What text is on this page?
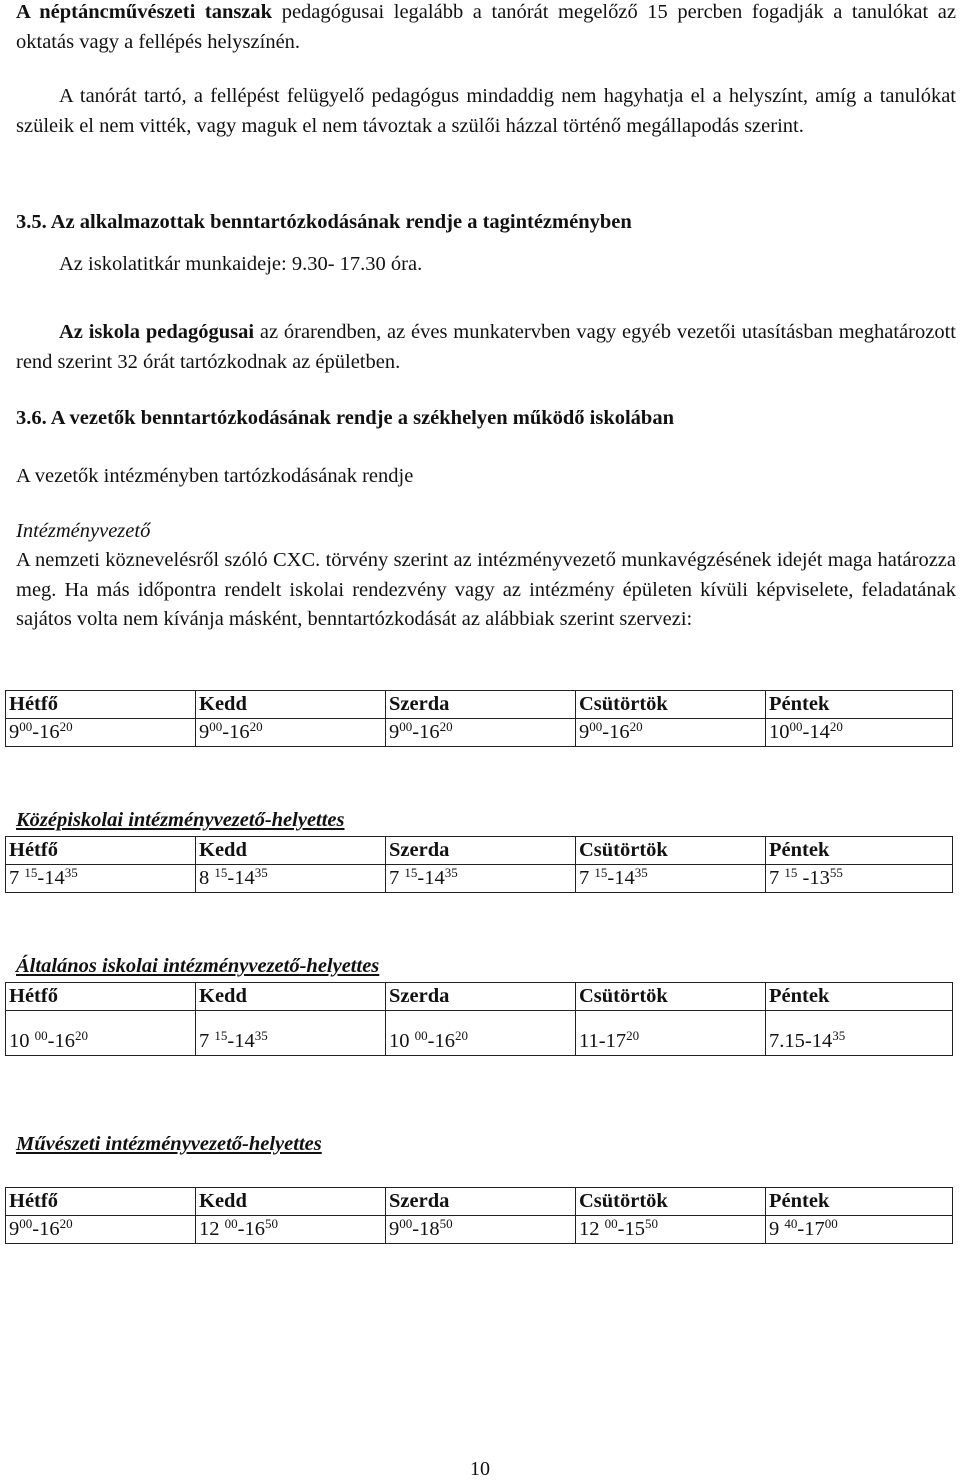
A néptáncművészeti tanszak pedagógusai legalább a tanórát megelőző 15 percben fogadják a tanulókat az oktatás vagy a fellépés helyszínén.

A tanórát tartó, a fellépést felügyelő pedagógus mindaddig nem hagyhatja el a helyszínt, amíg a tanulókat szüleik el nem vitték, vagy maguk el nem távoztak a szülői házzal történő megállapodás szerint.

3.5. Az alkalmazottak benntartózkodásának rendje a tagintézményben

Az iskolatitkár munkaideje: 9.30- 17.30 óra.

Az iskola pedagógusai az órarendben, az éves munkatervben vagy egyéb vezetői utasításban meghatározott rend szerint 32 órát tartózkodnak az épületben.

3.6. A vezetők benntartózkodásának rendje a székhelyen működő iskolában

A vezetők intézményben tartózkodásának rendje

Intézményvezető

A nemzeti köznevelésről szóló CXC. törvény szerint az intézményvezető munkavégzésének idejét maga határozza meg. Ha más időpontra rendelt iskolai rendezvény vagy az intézmény épületen kívüli képviselete, feladatának sajátos volta nem kívánja másként, benntartózkodását az alábbiak szerint szervezi:

Hétfő	Kedd	Szerda	Csütörtök	Péntek
$9^{00}-16^{20}$	$9^{00}-16^{20}$	$9^{00}-16^{20}$	$9^{00}-16^{20}$	$10^{00}-14^{20}$

Középiskolai intézményvezető-helyettes

Hétfő	Kedd	Szerda	Csütörtök	Péntek
7 $^{15}-14^{35}$	8 $^{15}-14^{35}$	7 $^{15}-14^{35}$	7 $^{15}-14^{35}$	7 $^{15}$ $-13^{55}$

Általános iskolai intézményvezető-helyettes

Hétfő	Kedd	Szerda	Csütörtök	Péntek
10 $^{00}-16^{20}$	7 $^{15}-14^{35}$	10 $^{00}-16^{20}$	$11-17^{20}$	$7.15-14^{35}$

Művészeti intézményvezető-helyettes

Hétfő	Kedd	Szerda	Csütörtök	Péntek
$9^{00}-16^{20}$	12 $^{00}-16^{50}$	$9^{00}-18^{50}$	12 $^{00}-15^{50}$	9 $^{40}-17^{00}$
10
